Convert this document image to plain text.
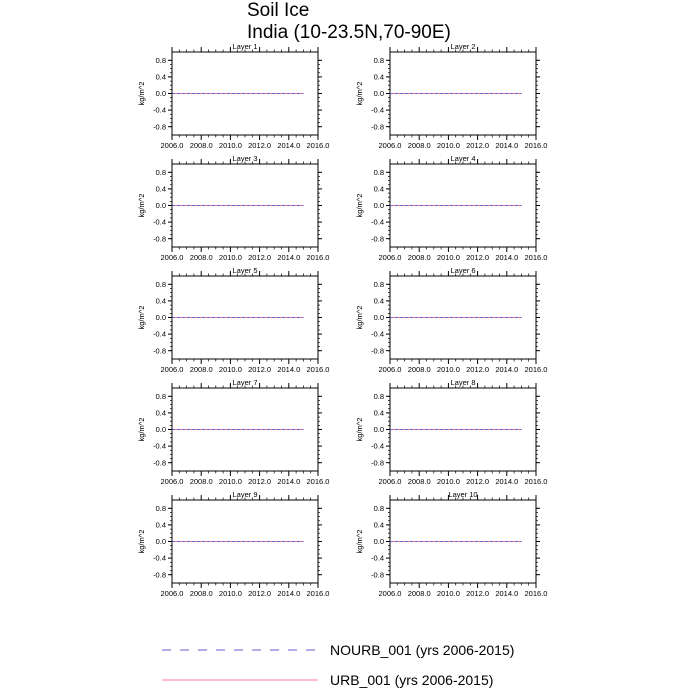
Soil Ice
India (10-23.5N,70-90E)
Layer 1
0.8
0.4
0.0
-0.4
-0.8
2006.0 2008.0 2010.0 2012.0 2014.0 2016.0
kg/m^2
Layer 2
0.8
0.4
0.0
-0.4
-0.8
2006.0 2008.0 2010.0 2012.0 2014.0 2016.0
kg/m^2
Layer 3
0.8
0.4
0.0
-0.4
-0.8
2006.0 2008.0 2010.0 2012.0 2014.0 2016.0
kg/m^2
Layer 4
0.8
0.4
0.0
-0.4
-0.8
2006.0 2008.0 2010.0 2012.0 2014.0 2016.0
kg/m^2
Layer 5
0.8
0.4
0.0
-0.4
-0.8
2006.0 2008.0 2010.0 2012.0 2014.0 2016.0
kg/m^2
Layer 6
0.8
0.4
0.0
-0.4
-0.8
2006.0 2008.0 2010.0 2012.0 2014.0 2016.0
kg/m^2
Layer 7
0.8
0.4
0.0
-0.4
-0.8
2006.0 2008.0 2010.0 2012.0 2014.0 2016.0
kg/m^2
Layer 8
0.8
0.4
0.0
-0.4
-0.8
2006.0 2008.0 2010.0 2012.0 2014.0 2016.0
kg/m^2
Layer 9
0.8
0.4
0.0
-0.4
-0.8
2006.0 2008.0 2010.0 2012.0 2014.0 2016.0
kg/m^2
Layer 10
0.8
0.4
0.0
-0.4
-0.8
2006.0 2008.0 2010.0 2012.0 2014.0 2016.0
kg/m^2
NOURB_001 (yrs 2006-2015)
URB_001 (yrs 2006-2015)
